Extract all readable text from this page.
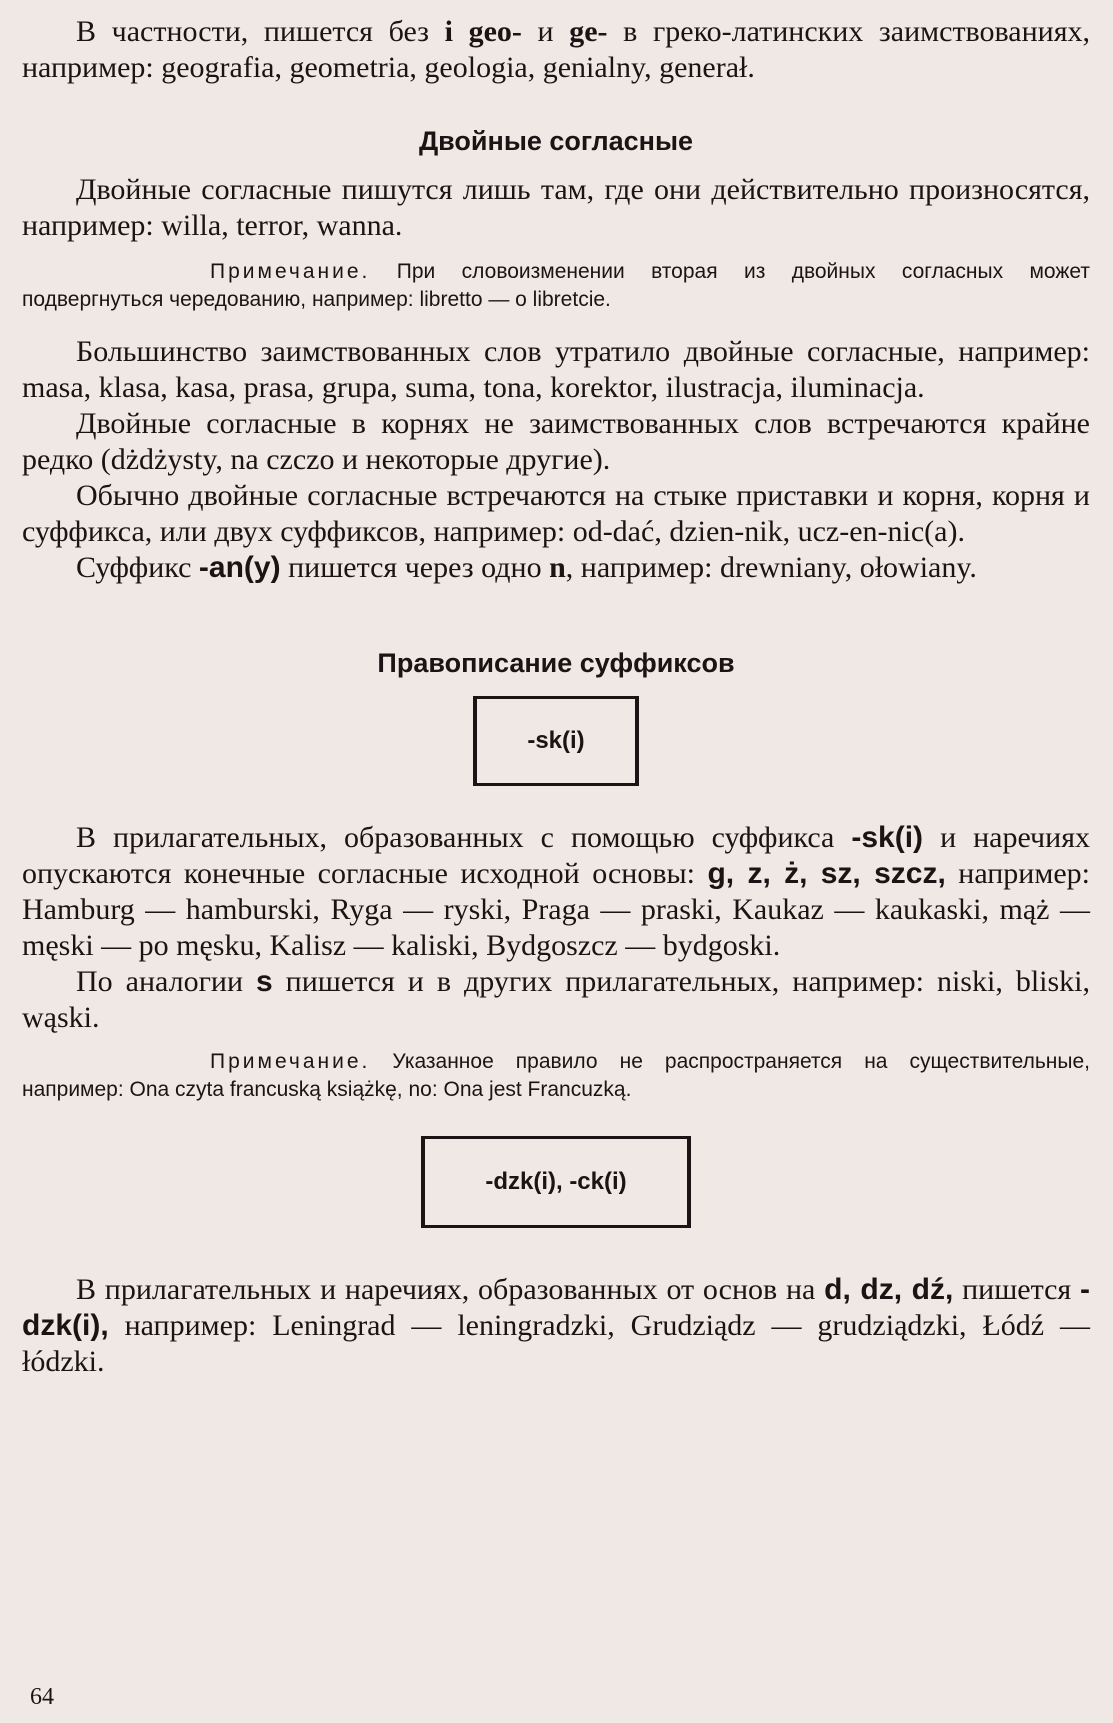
В частности, пишется без i geo- и ge- в греко-латинских заимствованиях, например: geografia, geometria, geologia, genialny, generał.

Двойные согласные

Двойные согласные пишутся лишь там, где они действительно произносятся, например: willa, terror, wanna.

Примечание. При словоизменении вторая из двойных согласных может подвергнуться чередованию, например: libretto — o libretcie.

Большинство заимствованных слов утратило двойные согласные, например: masa, klasa, kasa, prasa, grupa, suma, tona, korektor, ilustracja, iluminacja.

Двойные согласные в корнях не заимствованных слов встречаются крайне редко (dżdżysty, na czczo и некоторые другие).

Обычно двойные согласные встречаются на стыке приставки и корня, корня и суффикса, или двух суффиксов, например: od-dać, dzien-nik, ucz-en-nic(a).

Суффикс -an(y) пишется через одно n, например: drewniany, ołowiany.

Правописание суффиксов

-sk(i)

В прилагательных, образованных с помощью суффикса -sk(i) и наречиях опускаются конечные согласные исходной основы: g, z, ż, sz, szcz, например: Hamburg — hamburski, Ryga — ryski, Praga — praski, Kaukaz — kaukaski, mąż — męski — po męsku, Kalisz — kaliski, Bydgoszcz — bydgoski.

По аналогии s пишется и в других прилагательных, например: niski, bliski, wąski.

Примечание. Указанное правило не распространяется на существительные, например: Ona czyta francuską książkę, no: Ona jest Francuzką.

-dzk(i), -ck(i)

В прилагательных и наречиях, образованных от основ на d, dz, dź, пишется -dzk(i), например: Leningrad — leningradzki, Grudziądz — grudziądzki, Łódź — łódzki.

64
